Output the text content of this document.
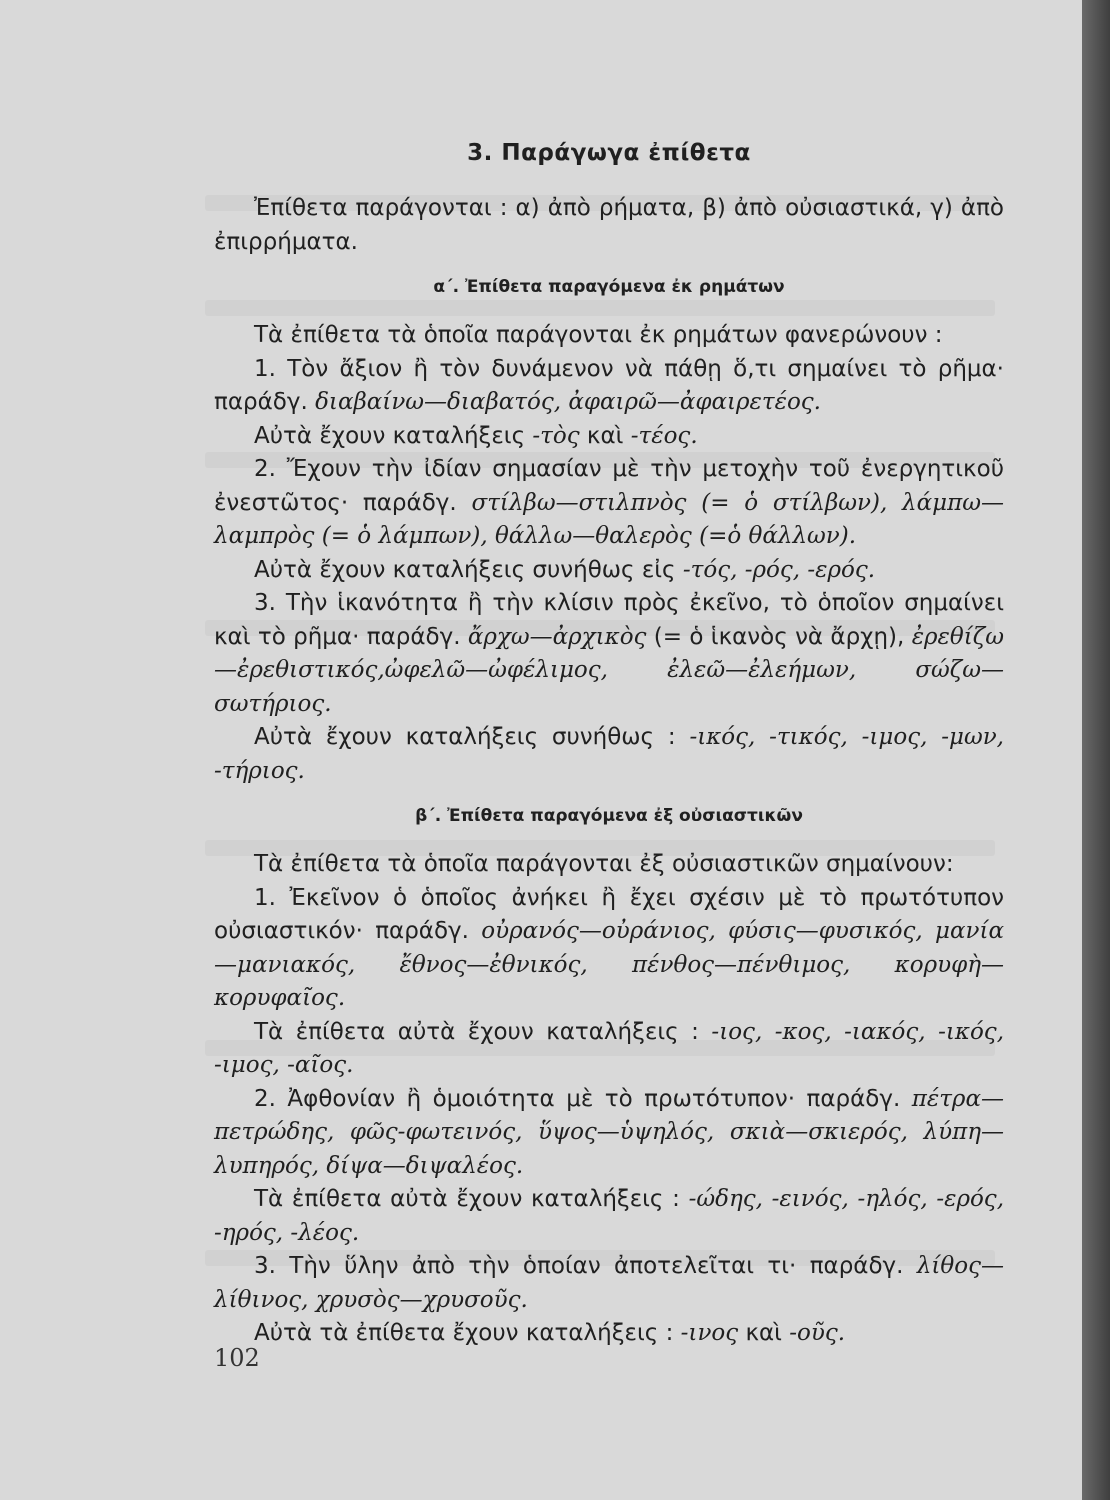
3. Παράγωγα ἐπίθετα

Ἐπίθετα παράγονται : α) ἀπὸ ρήματα, β) ἀπὸ οὐσιαστικά, γ) ἀπὸ ἐπιρρήματα.

α΄. Ἐπίθετα παραγόμενα ἐκ ρημάτων

Τὰ ἐπίθετα τὰ ὁποῖα παράγονται ἐκ ρημάτων φανερώνουν :

1. Τὸν ἄξιον ἢ τὸν δυνάμενον νὰ πάθῃ ὅ,τι σημαίνει τὸ ρῆμα· παράδγ. διαβαίνω—διαβατός, ἀφαιρῶ—ἀφαιρετέος.

Αὐτὰ ἔχουν καταλήξεις -τὸς καὶ -τέος.

2. Ἔχουν τὴν ἰδίαν σημασίαν μὲ τὴν μετοχὴν τοῦ ἐνεργητικοῦ ἐνεστῶτος· παράδγ. στίλβω—στιλπνὸς (= ὁ στίλβων), λάμπω—λαμπρὸς (= ὁ λάμπων), θάλλω—θαλερὸς (=ὁ θάλλων).

Αὐτὰ ἔχουν καταλήξεις συνήθως εἰς -τός, -ρός, -ερός.

3. Τὴν ἱκανότητα ἢ τὴν κλίσιν πρὸς ἐκεῖνο, τὸ ὁποῖον σημαίνει καὶ τὸ ρῆμα· παράδγ. ἄρχω—ἀρχικὸς (= ὁ ἱκανὸς νὰ ἄρχῃ), ἐρεθίζω—ἐρεθιστικός,ὠφελῶ—ὠφέλιμος, ἐλεῶ—ἐλεήμων, σώζω—σωτήριος.

Αὐτὰ ἔχουν καταλήξεις συνήθως : -ικός, -τικός, -ιμος, -μων, -τήριος.

β΄. Ἐπίθετα παραγόμενα ἐξ οὐσιαστικῶν

Τὰ ἐπίθετα τὰ ὁποῖα παράγονται ἐξ οὐσιαστικῶν σημαίνουν:

1. Ἐκεῖνον ὁ ὁποῖος ἀνήκει ἢ ἔχει σχέσιν μὲ τὸ πρωτότυπον οὐσιαστικόν· παράδγ. οὐρανός—οὐράνιος, φύσις—φυσικός, μανία—μανιακός, ἔθνος—ἐθνικός, πένθος—πένθιμος, κορυφὴ—κορυφαῖος.

Τὰ ἐπίθετα αὐτὰ ἔχουν καταλήξεις : -ιος, -κος, -ιακός, -ικός, -ιμος, -αῖος.

2. Ἀφθονίαν ἢ ὁμοιότητα μὲ τὸ πρωτότυπον· παράδγ. πέτρα—πετρώδης, φῶς-φωτεινός, ὕψος—ὑψηλός, σκιὰ—σκιερός, λύπη—λυπηρός, δίψα—διψαλέος.

Τὰ ἐπίθετα αὐτὰ ἔχουν καταλήξεις : -ώδης, -εινός, -ηλός, -ερός, -ηρός, -λέος.

3. Τὴν ὕλην ἀπὸ τὴν ὁποίαν ἀποτελεῖται τι· παράδγ. λίθος—λίθινος, χρυσὸς—χρυσοῦς.

Αὐτὰ τὰ ἐπίθετα ἔχουν καταλήξεις : -ινος καὶ -οῦς.

102
